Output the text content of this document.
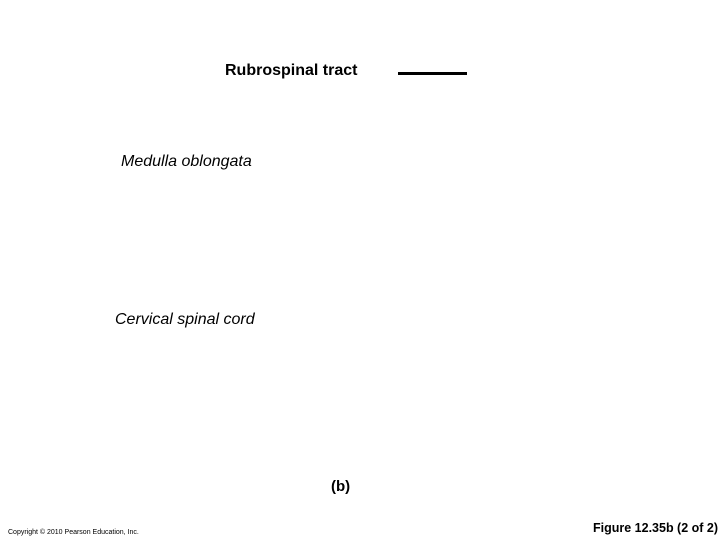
Rubrospinal tract
Medulla oblongata
Cervical spinal cord
(b)
Copyright © 2010 Pearson Education, Inc.	Figure 12.35b (2 of 2)
